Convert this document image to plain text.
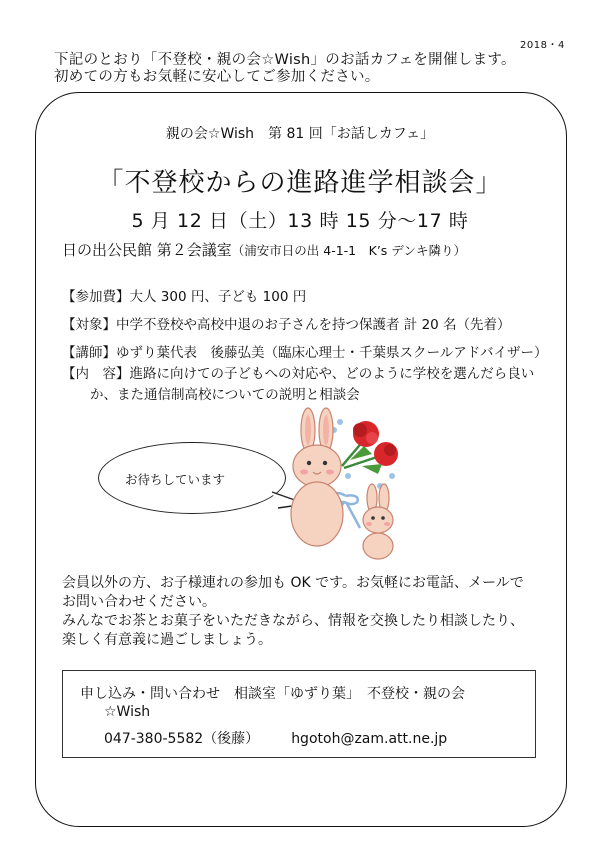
2018・4
下記のとおり「不登校・親の会☆Wish」のお話カフェを開催します。
初めての方もお気軽に安心してご参加ください。
親の会☆Wish　第 81 回「お話しカフェ」
「不登校からの進路進学相談会」
5 月 12 日（土）13 時 15 分～17 時
日の出公民館 第２会議室（浦安市日の出 4-1-1　K’s デンキ隣り）
【参加費】大人 300 円、子ども 100 円
【対象】中学不登校や高校中退のお子さんを持つ保護者 計 20 名（先着）
【講師】ゆずり葉代表　後藤弘美（臨床心理士・千葉県スクールアドバイザー）
【内　容】進路に向けての子どもへの対応や、どのように学校を選んだら良い
か、また通信制高校についての説明と相談会
お待ちしています
会員以外の方、お子様連れの参加も OK です。お気軽にお電話、メールで
お問い合わせください。
みんなでお茶とお菓子をいただきながら、情報を交換したり相談したり、
楽しく有意義に過ごしましょう。
申し込み・問い合わせ　相談室「ゆずり葉」　不登校・親の会
☆Wish
047-380-5582（後藤） hgotoh@zam.att.ne.jp
